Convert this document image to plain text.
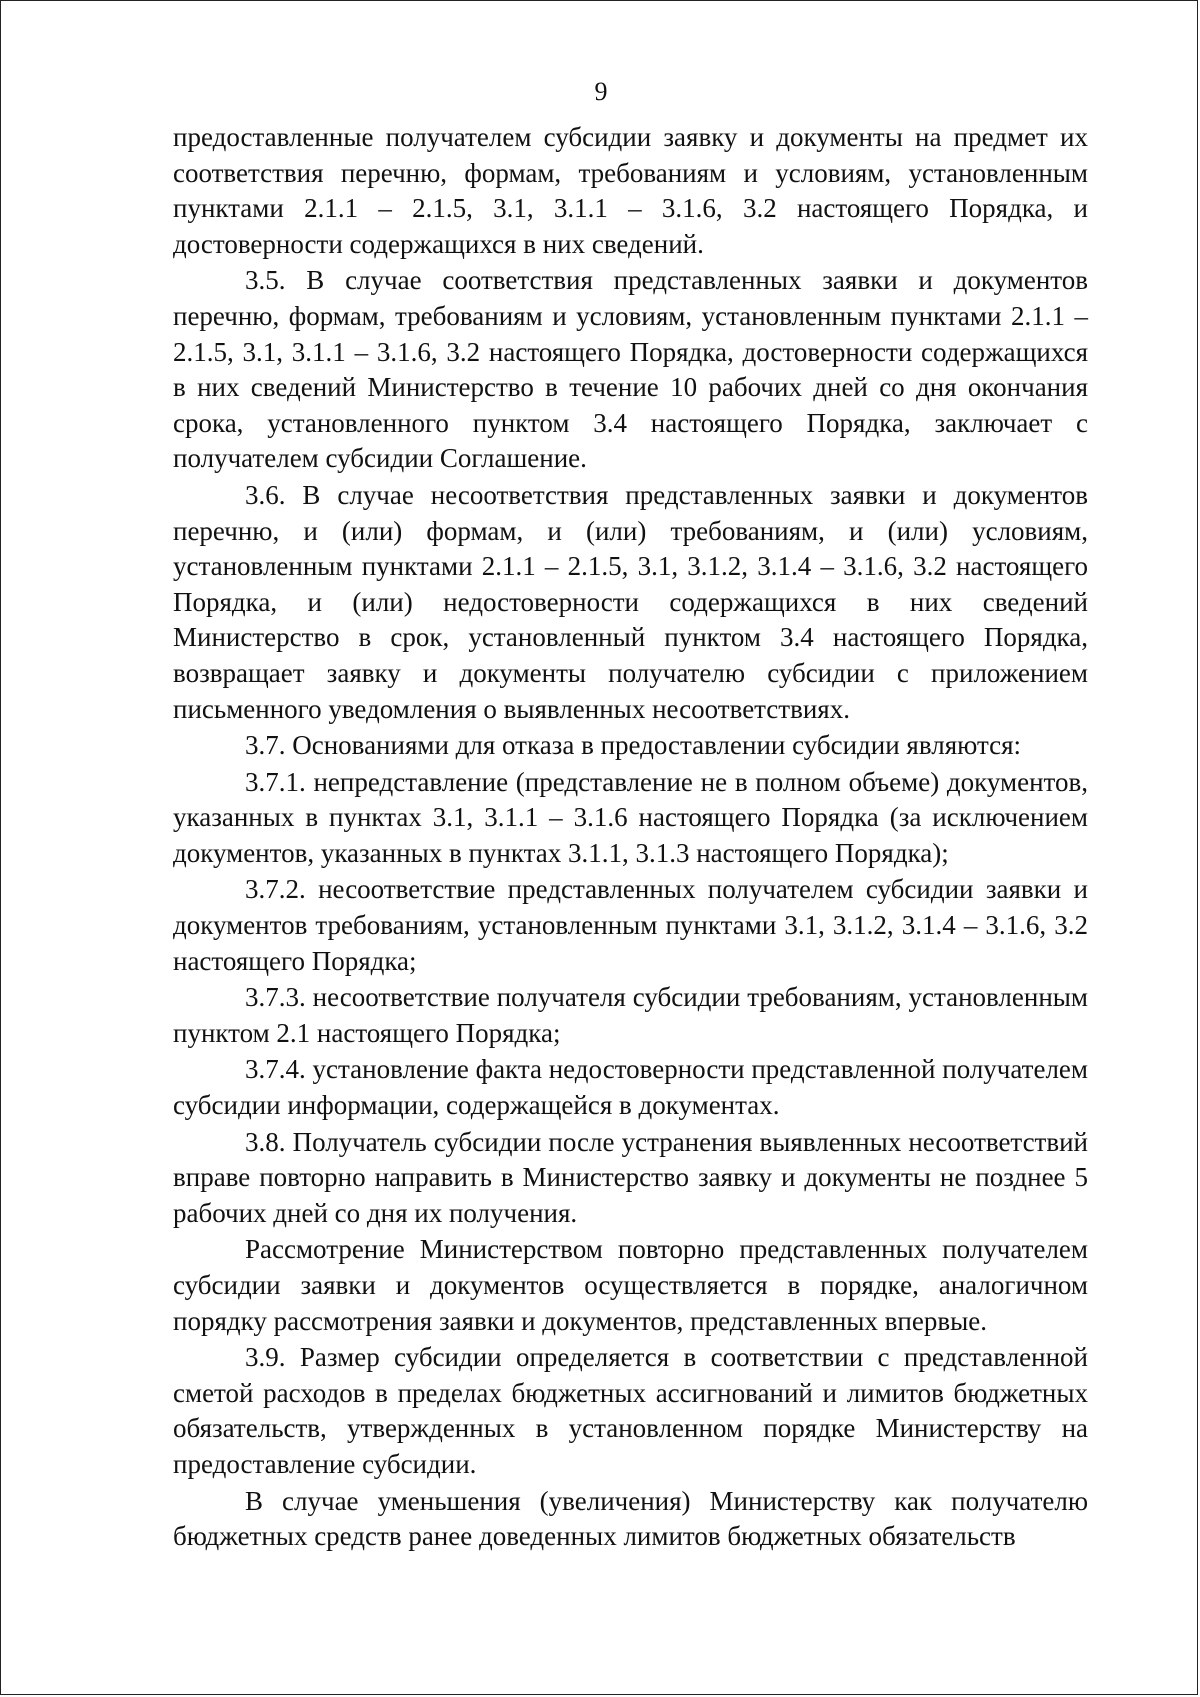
9

предоставленные получателем субсидии заявку и документы на предмет их соответствия перечню, формам, требованиям и условиям, установленным пунктами 2.1.1 – 2.1.5, 3.1, 3.1.1 – 3.1.6, 3.2 настоящего Порядка, и достоверности содержащихся в них сведений.

3.5. В случае соответствия представленных заявки и документов перечню, формам, требованиям и условиям, установленным пунктами 2.1.1 – 2.1.5, 3.1, 3.1.1 – 3.1.6, 3.2 настоящего Порядка, достоверности содержащихся в них сведений Министерство в течение 10 рабочих дней со дня окончания срока, установленного пунктом 3.4 настоящего Порядка, заключает с получателем субсидии Соглашение.

3.6. В случае несоответствия представленных заявки и документов перечню, и (или) формам, и (или) требованиям, и (или) условиям, установленным пунктами 2.1.1 – 2.1.5, 3.1, 3.1.2, 3.1.4 – 3.1.6, 3.2 настоящего Порядка, и (или) недостоверности содержащихся в них сведений Министерство в срок, установленный пунктом 3.4 настоящего Порядка, возвращает заявку и документы получателю субсидии с приложением письменного уведомления о выявленных несоответствиях.

3.7. Основаниями для отказа в предоставлении субсидии являются:

3.7.1. непредставление (представление не в полном объеме) документов, указанных в пунктах 3.1, 3.1.1 – 3.1.6 настоящего Порядка (за исключением документов, указанных в пунктах 3.1.1, 3.1.3 настоящего Порядка);

3.7.2. несоответствие представленных получателем субсидии заявки и документов требованиям, установленным пунктами 3.1, 3.1.2, 3.1.4 – 3.1.6, 3.2 настоящего Порядка;

3.7.3. несоответствие получателя субсидии требованиям, установленным пунктом 2.1 настоящего Порядка;

3.7.4. установление факта недостоверности представленной получателем субсидии информации, содержащейся в документах.

3.8. Получатель субсидии после устранения выявленных несоответствий вправе повторно направить в Министерство заявку и документы не позднее 5 рабочих дней со дня их получения.

Рассмотрение Министерством повторно представленных получателем субсидии заявки и документов осуществляется в порядке, аналогичном порядку рассмотрения заявки и документов, представленных впервые.

3.9. Размер субсидии определяется в соответствии с представленной сметой расходов в пределах бюджетных ассигнований и лимитов бюджетных обязательств, утвержденных в установленном порядке Министерству на предоставление субсидии.

В случае уменьшения (увеличения) Министерству как получателю бюджетных средств ранее доведенных лимитов бюджетных обязательств
